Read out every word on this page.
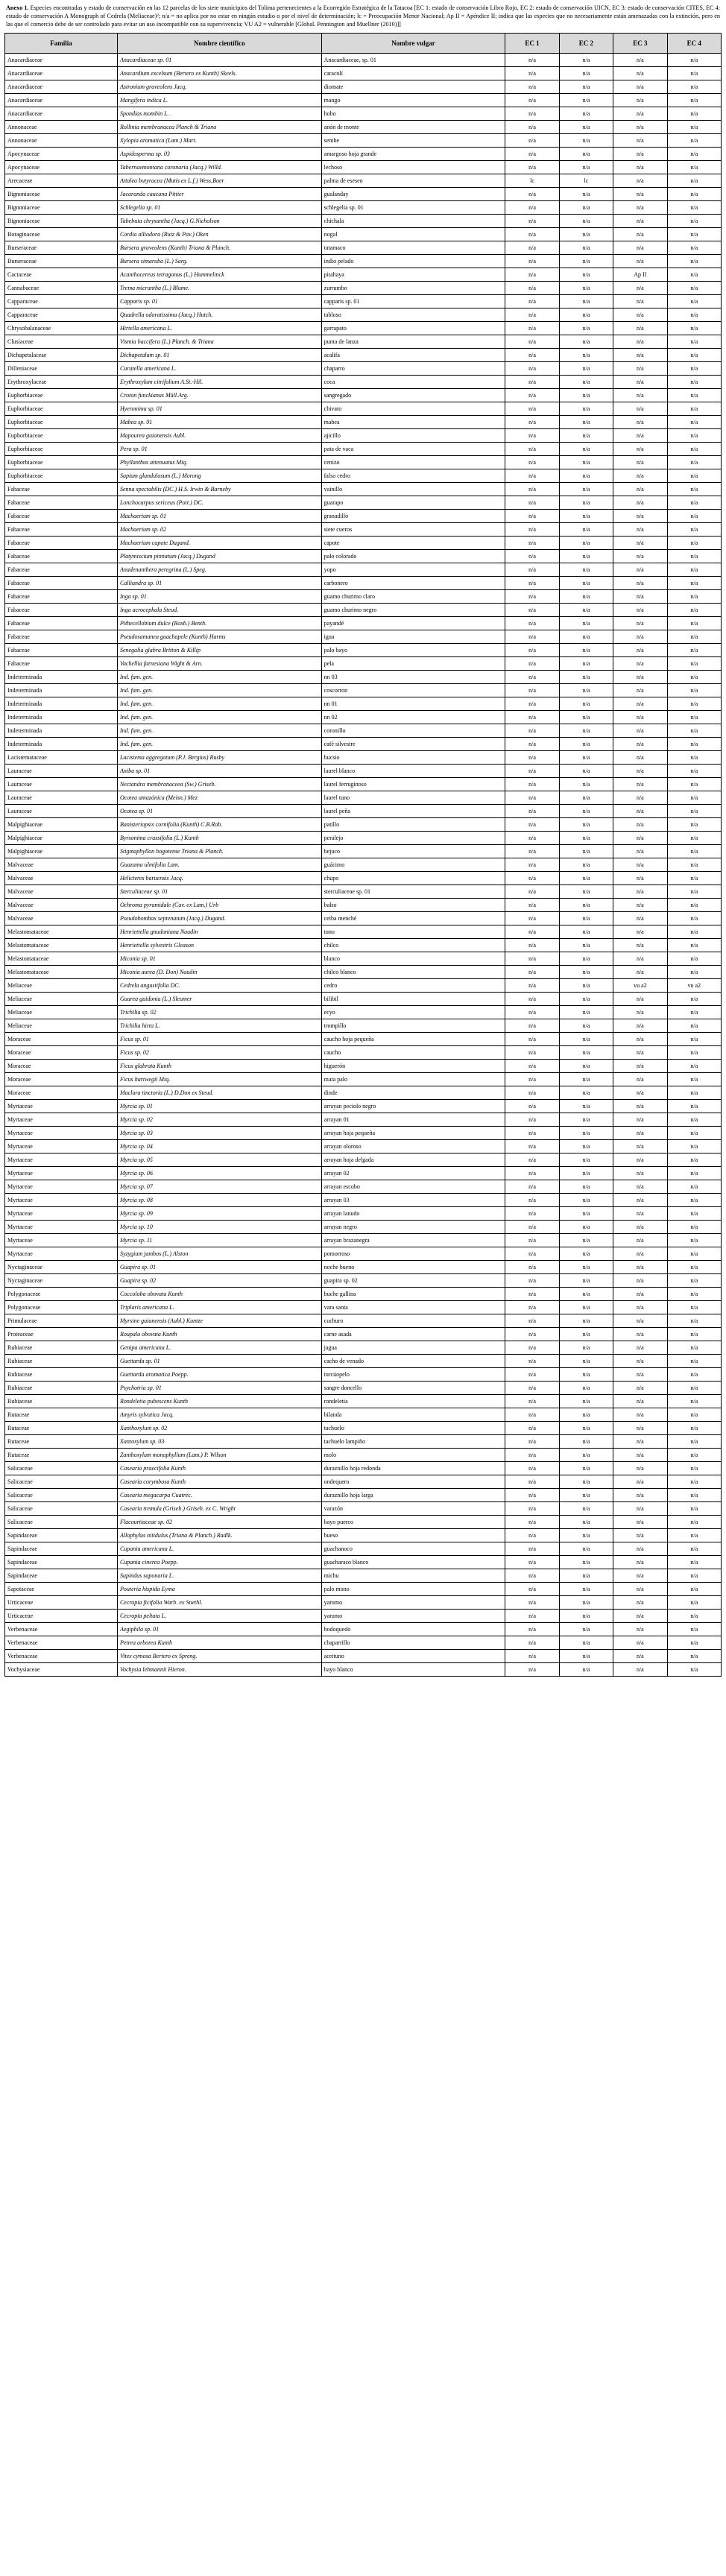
Anexo 1. Especies encontradas y estado de conservación en las 12 parcelas de los siete municipios del Tolima pertenecientes a la Ecorregión Estratégica de la Tatacoa [EC 1: estado de conservación Libro Rojo, EC 2: estado de conservación UICN, EC 3: estado de conservación CITES, EC 4: estado de conservación A Monograph of Cedrela (Meliaceae)²; n/a = no aplica por no estar en ningún estudio o por el nivel de determinación; lc = Preocupación Menor Nacional; Ap II = Apéndice II; indica que las especies que no necesariamente están amenazadas con la extinción, pero en las que el comercio debe de ser controlado para evitar un uso incompatible con su supervivencia; VU A2 = vulnerable [Global. Pennington and Muellner (2010)]]

Familia	Nombre científico	Nombre vulgar	EC 1	EC 2	EC 3	EC 4
Anacardiaceae	Anacardiaceae sp. 01	Anacardiaceae, sp. 01	n/a	n/a	n/a	n/a
Anacardiaceae	Anacardium excelsum (Bertero ex Kunth) Skeels.	caracolí	n/a	n/a	n/a	n/a
Anacardiaceae	Astronium graveolens Jacq.	diomate	n/a	n/a	n/a	n/a
Anacardiaceae	Mangifera indica L.	mango	n/a	n/a	n/a	n/a
Anacardiaceae	Spondias mombin L.	hobo	n/a	n/a	n/a	n/a
Annonaceae	Rollinia membranacea Planch & Triana	anón de monte	n/a	n/a	n/a	n/a
Annonaceae	Xylopia aromatica (Lam.) Mart.	sembe	n/a	n/a	n/a	n/a
Apocynaceae	Aspidosperma sp. 03	amargoso hoja grande	n/a	n/a	n/a	n/a
Apocynaceae	Tabernaemontana coronaria (Jacq.) Willd.	lechoso	n/a	n/a	n/a	n/a
Arecaceae	Attalea butyracea (Mutis ex L.f.) Wess.Boer	palma de eseseo	lc	lc	n/a	n/a
Bignoniaceae	Jacaranda caucana Pittier	gualanday	n/a	n/a	n/a	n/a
Bignoniaceae	Schlegelia sp. 01	schlegelia sp. 01	n/a	n/a	n/a	n/a
Bignoniaceae	Tabebuia chrysantha (Jacq.) G.Nicholson	chichala	n/a	n/a	n/a	n/a
Boraginaceae	Cordia alliodora (Ruiz & Pav.) Oken	nogal	n/a	n/a	n/a	n/a
Burseraceae	Bursera graveolens (Kunth) Triana & Planch.	tatamaco	n/a	n/a	n/a	n/a
Burseraceae	Bursera simaruba (L.) Sarg.	indio pelado	n/a	n/a	n/a	n/a
Cactaceae	Acanthocereus tetragonus (L.) Hummelinck	pitahaya	n/a	n/a	Ap II	n/a
Cannabaceae	Trema micrantha (L.) Blume.	zurrumbo	n/a	n/a	n/a	n/a
Capparaceae	Capparis sp. 01	capparis sp. 01	n/a	n/a	n/a	n/a
Capparaceae	Quadrella odoratissima (Jacq.) Hutch.	tabloso	n/a	n/a	n/a	n/a
Chrysobalanaceae	Hirtella americana L.	garrapato	n/a	n/a	n/a	n/a
Clusiaceae	Vismia baccifera (L.) Planch. & Triana	punta de lanza	n/a	n/a	n/a	n/a
Dichapetalaceae	Dichapetalum sp. 01	acalifa	n/a	n/a	n/a	n/a
Dilleniaceae	Curatella americana L.	chaparro	n/a	n/a	n/a	n/a
Erythroxylaceae	Erythroxylum citrifolium A.St.-Hil.	coca	n/a	n/a	n/a	n/a
Euphorbiaceae	Croton funckianus Müll.Arg.	sangregado	n/a	n/a	n/a	n/a
Euphorbiaceae	Hyeronima sp. 01	chivato	n/a	n/a	n/a	n/a
Euphorbiaceae	Mabea sp. 01	mabea	n/a	n/a	n/a	n/a
Euphorbiaceae	Mapourea guianensis Aubl.	ajicillo	n/a	n/a	n/a	n/a
Euphorbiaceae	Pera sp. 01	pata de vaca	n/a	n/a	n/a	n/a
Euphorbiaceae	Phyllanthus attenuatus Miq.	cenizo	n/a	n/a	n/a	n/a
Euphorbiaceae	Sapium glandulosum (L.) Morong	falso cedro	n/a	n/a	n/a	n/a
Fabaceae	Senna spectabilis (DC.) H.S. Irwin & Barneby	vainillo	n/a	n/a	n/a	n/a
Fabaceae	Lonchocarpus sericeus (Poir.) DC.	guarapo	n/a	n/a	n/a	n/a
Fabaceae	Machaerium sp. 01	granadillo	n/a	n/a	n/a	n/a
Fabaceae	Machaerium sp. 02	siete cueros	n/a	n/a	n/a	n/a
Fabaceae	Machaerium capote Dugand.	capote	n/a	n/a	n/a	n/a
Fabaceae	Platymiscium pinnatum (Jacq.) Dugand	palo colorado	n/a	n/a	n/a	n/a
Fabaceae	Anadenanthera peregrina (L.) Speg.	yopo	n/a	n/a	n/a	n/a
Fabaceae	Calliandra sp. 01	carbonero	n/a	n/a	n/a	n/a
Fabaceae	Inga sp. 01	guamo churimo claro	n/a	n/a	n/a	n/a
Fabaceae	Inga acrocephala Steud.	guamo churimo negro	n/a	n/a	n/a	n/a
Fabaceae	Pithecellobium dulce (Roxb.) Benth.	payandé	n/a	n/a	n/a	n/a
Fabaceae	Pseudosamanea guachapele (Kunth) Harms	igua	n/a	n/a	n/a	n/a
Fabaceae	Senegalia glabra Britton & Killip	palo bayo	n/a	n/a	n/a	n/a
Fabaceae	Vachellia farnesiana Wight & Arn.	pela	n/a	n/a	n/a	n/a
Indeterminada	Ind. fam. gen.	nn 03	n/a	n/a	n/a	n/a
Indeterminada	Ind. fam. gen.	coscorron	n/a	n/a	n/a	n/a
Indeterminada	Ind. fam. gen.	nn 01	n/a	n/a	n/a	n/a
Indeterminada	Ind. fam. gen.	nn 02	n/a	n/a	n/a	n/a
Indeterminada	Ind. fam. gen.	coronillo	n/a	n/a	n/a	n/a
Indeterminada	Ind. fam. gen.	café silvestre	n/a	n/a	n/a	n/a
Lacistemataceae	Lacistema aggregatum (P.J. Bergius) Rusby	bucsio	n/a	n/a	n/a	n/a
Lauraceae	Aniba sp. 01	laurel blanco	n/a	n/a	n/a	n/a
Lauraceae	Nectandra membranaceea (Sw.) Griseb.	laurel ferruginoso	n/a	n/a	n/a	n/a
Lauraceae	Ocotea amazónica (Meisn.) Mez	laurel tuno	n/a	n/a	n/a	n/a
Lauraceae	Ocotea sp. 01	laurel peña	n/a	n/a	n/a	n/a
Malpighiaceae	Banisteriopsis cornifolia (Kunth) C.B.Rob.	patillo	n/a	n/a	n/a	n/a
Malpighiaceae	Byrsonima crassifolia (L.) Kunth	peralejo	n/a	n/a	n/a	n/a
Malpighiaceae	Stigmaphyllon bogotense Triana & Planch.	bejuco	n/a	n/a	n/a	n/a
Malvaceae	Guazuma ulmifolia Lam.	guácimo	n/a	n/a	n/a	n/a
Malvaceae	Helicteres baruensis Jacq.	chupo	n/a	n/a	n/a	n/a
Malvaceae	Sterculiaceae sp. 01	sterculiaceae sp. 01	n/a	n/a	n/a	n/a
Malvaceae	Ochroma pyramidale (Cav. ex Lam.) Urb	balso	n/a	n/a	n/a	n/a
Malvaceae	Pseudobombax septenatum (Jacq.) Dugand.	ceiba menché	n/a	n/a	n/a	n/a
Melastomataceae	Henriettella gnudoniana Naudin	tuno	n/a	n/a	n/a	n/a
Melastomataceae	Henriettella sylvestris Gleason	chilco	n/a	n/a	n/a	n/a
Melastomataceae	Miconia sp. 01	blanco	n/a	n/a	n/a	n/a
Melastomataceae	Miconia aurea (D. Don) Naudin	chilco blanco	n/a	n/a	n/a	n/a
Meliaceae	Cedrela angustifolia DC.	cedro	n/a	n/a	vu a2	vu a2
Meliaceae	Guarea guidonia (L.) Sleumer	bilibil	n/a	n/a	n/a	n/a
Meliaceae	Trichilia sp. 02	ecyo	n/a	n/a	n/a	n/a
Meliaceae	Trichilia hirta L.	trompillo	n/a	n/a	n/a	n/a
Moraceae	Ficus sp. 01	caucho hoja pequeña	n/a	n/a	n/a	n/a
Moraceae	Ficus sp. 02	caucho	n/a	n/a	n/a	n/a
Moraceae	Ficus glabrata Kunth	higuerón	n/a	n/a	n/a	n/a
Moraceae	Ficus hartwegii Miq.	mata palo	n/a	n/a	n/a	n/a
Moraceae	Maclura tinctoria (L.) D.Don ex Steud.	dinde	n/a	n/a	n/a	n/a
Myrtaceae	Myrcia sp. 01	arrayan peciolo negro	n/a	n/a	n/a	n/a
Myrtaceae	Myrcia sp. 02	arrayan 01	n/a	n/a	n/a	n/a
Myrtaceae	Myrcia sp. 03	arrayan hoja pequeña	n/a	n/a	n/a	n/a
Myrtaceae	Myrcia sp. 04	arrayan oloroso	n/a	n/a	n/a	n/a
Myrtaceae	Myrcia sp. 05	arrayan hoja delgada	n/a	n/a	n/a	n/a
Myrtaceae	Myrcia sp. 06	arrayan 02	n/a	n/a	n/a	n/a
Myrtaceae	Myrcia sp. 07	arrayan escobo	n/a	n/a	n/a	n/a
Myrtaceae	Myrcia sp. 08	arrayan 03	n/a	n/a	n/a	n/a
Myrtaceae	Myrcia sp. 09	arrayan lanudo	n/a	n/a	n/a	n/a
Myrtaceae	Myrcia sp. 10	arrayan negro	n/a	n/a	n/a	n/a
Myrtaceae	Myrcia sp. 11	arrayan brazanegra	n/a	n/a	n/a	n/a
Myrtaceae	Syzygium jambos (L.) Alston	pomorroso	n/a	n/a	n/a	n/a
Nyctaginaceae	Guapira sp. 01	noche bueno	n/a	n/a	n/a	n/a
Nyctaginaceae	Guapira sp. 02	guapira sp. 02	n/a	n/a	n/a	n/a
Polygonaceae	Coccoloba obovata Kunth	buche gallina	n/a	n/a	n/a	n/a
Polygonaceae	Triplaris americana L.	vara santa	n/a	n/a	n/a	n/a
Primulaceae	Myrsine guianensis (Aubl.) Kuntze	cuchuro	n/a	n/a	n/a	n/a
Proteaceae	Roupala obovata Kunth	carne asada	n/a	n/a	n/a	n/a
Rubiaceae	Genipa americana L.	jagua	n/a	n/a	n/a	n/a
Rubiaceae	Guettarda sp. 01	cacho de venado	n/a	n/a	n/a	n/a
Rubiaceae	Guettarda aromatica Poepp.	turcúopelo	n/a	n/a	n/a	n/a
Rubiaceae	Psychotria sp. 01	sangre doncello	n/a	n/a	n/a	n/a
Rubiaceae	Rondeletia pubescens Kunth	rondeletia	n/a	n/a	n/a	n/a
Rutaceae	Amyris sylvatica Jacq.	bilanda	n/a	n/a	n/a	n/a
Rutaceae	Xanthoxylum sp. 02	tachuelo	n/a	n/a	n/a	n/a
Rutaceae	Xantoxylum sp. 03	tachuelo lampiño	n/a	n/a	n/a	n/a
Rutaceae	Zanthoxylum monophyllum (Lam.) P. Wilson	molo	n/a	n/a	n/a	n/a
Salicaceae	Casearia praecifolia Kunth	duraznillo hoja redonda	n/a	n/a	n/a	n/a
Salicaceae	Casearia corymbosa Kunth	ondequero	n/a	n/a	n/a	n/a
Salicaceae	Casearia megacarpa Cuatrec.	duraznillo hoja larga	n/a	n/a	n/a	n/a
Salicaceae	Casearia tremula (Griseb.) Griseb. ex C. Wright	varazón	n/a	n/a	n/a	n/a
Salicaceae	Flacourtiaceae sp. 02	bayo puerco	n/a	n/a	n/a	n/a
Sapindaceae	Allophylus nitidulus (Triana & Planch.) Radlk.	bueso	n/a	n/a	n/a	n/a
Sapindaceae	Cupania americana L.	guachanoco	n/a	n/a	n/a	n/a
Sapindaceae	Cupania cinerea Poepp.	guacharaco blanco	n/a	n/a	n/a	n/a
Sapindaceae	Sapindus saponaria L.	michu	n/a	n/a	n/a	n/a
Sapotaceae	Pouteria hispida Eyma	palo mono	n/a	n/a	n/a	n/a
Urticaceae	Cecropia ficifolia Warb. ex Snethl.	yarumo	n/a	n/a	n/a	n/a
Urticaceae	Cecropia peltata L.	yarumo	n/a	n/a	n/a	n/a
Verbenaceae	Aegiphila sp. 01	bodoquedo	n/a	n/a	n/a	n/a
Verbenaceae	Petrea arborea Kunth	chaparrillo	n/a	n/a	n/a	n/a
Verbenaceae	Vitex cymosa Bertero ex Spreng.	aceituno	n/a	n/a	n/a	n/a
Vochysiaceae	Vochysia lehmannii Hieron.	bayo blanco	n/a	n/a	n/a	n/a
